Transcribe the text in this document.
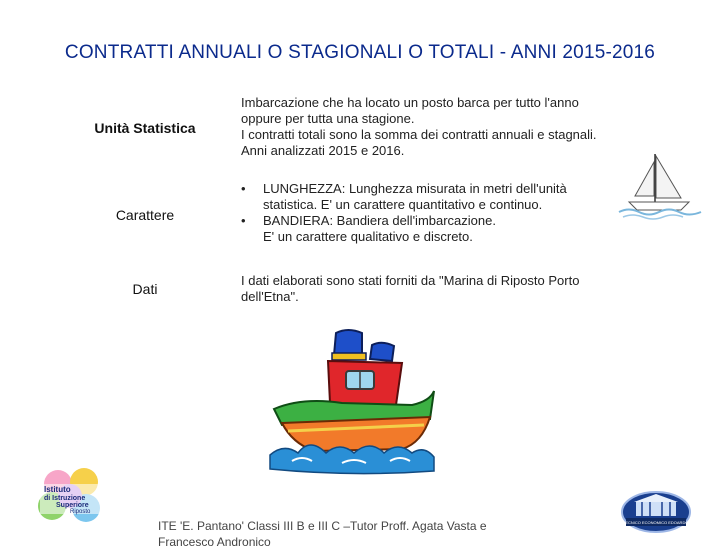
CONTRATTI ANNUALI O STAGIONALI O TOTALI - ANNI 2015-2016
Unità Statistica
Imbarcazione che ha locato un posto barca per tutto l'anno
oppure per tutta una stagione.
I contratti totali sono la somma dei contratti annuali e stagnali.
Anni analizzati 2015 e 2016.
Carattere
•	LUNGHEZZA: Lunghezza misurata in metri dell'unità
statistica. E' un carattere quantitativo e continuo.
•	BANDIERA: Bandiera dell'imbarcazione.
E' un carattere qualitativo e discreto.
Dati
I dati elaborati sono stati forniti da "Marina di Riposto Porto
dell'Etna".
Istituto
di Istruzione
Superiore
Riposto
ISTITUTO TECNICO ECONOMICO EDOARDO PANTANO
ITE 'E. Pantano' Classi III B e III C –Tutor Proff. Agata Vasta e
Francesco Andronico
